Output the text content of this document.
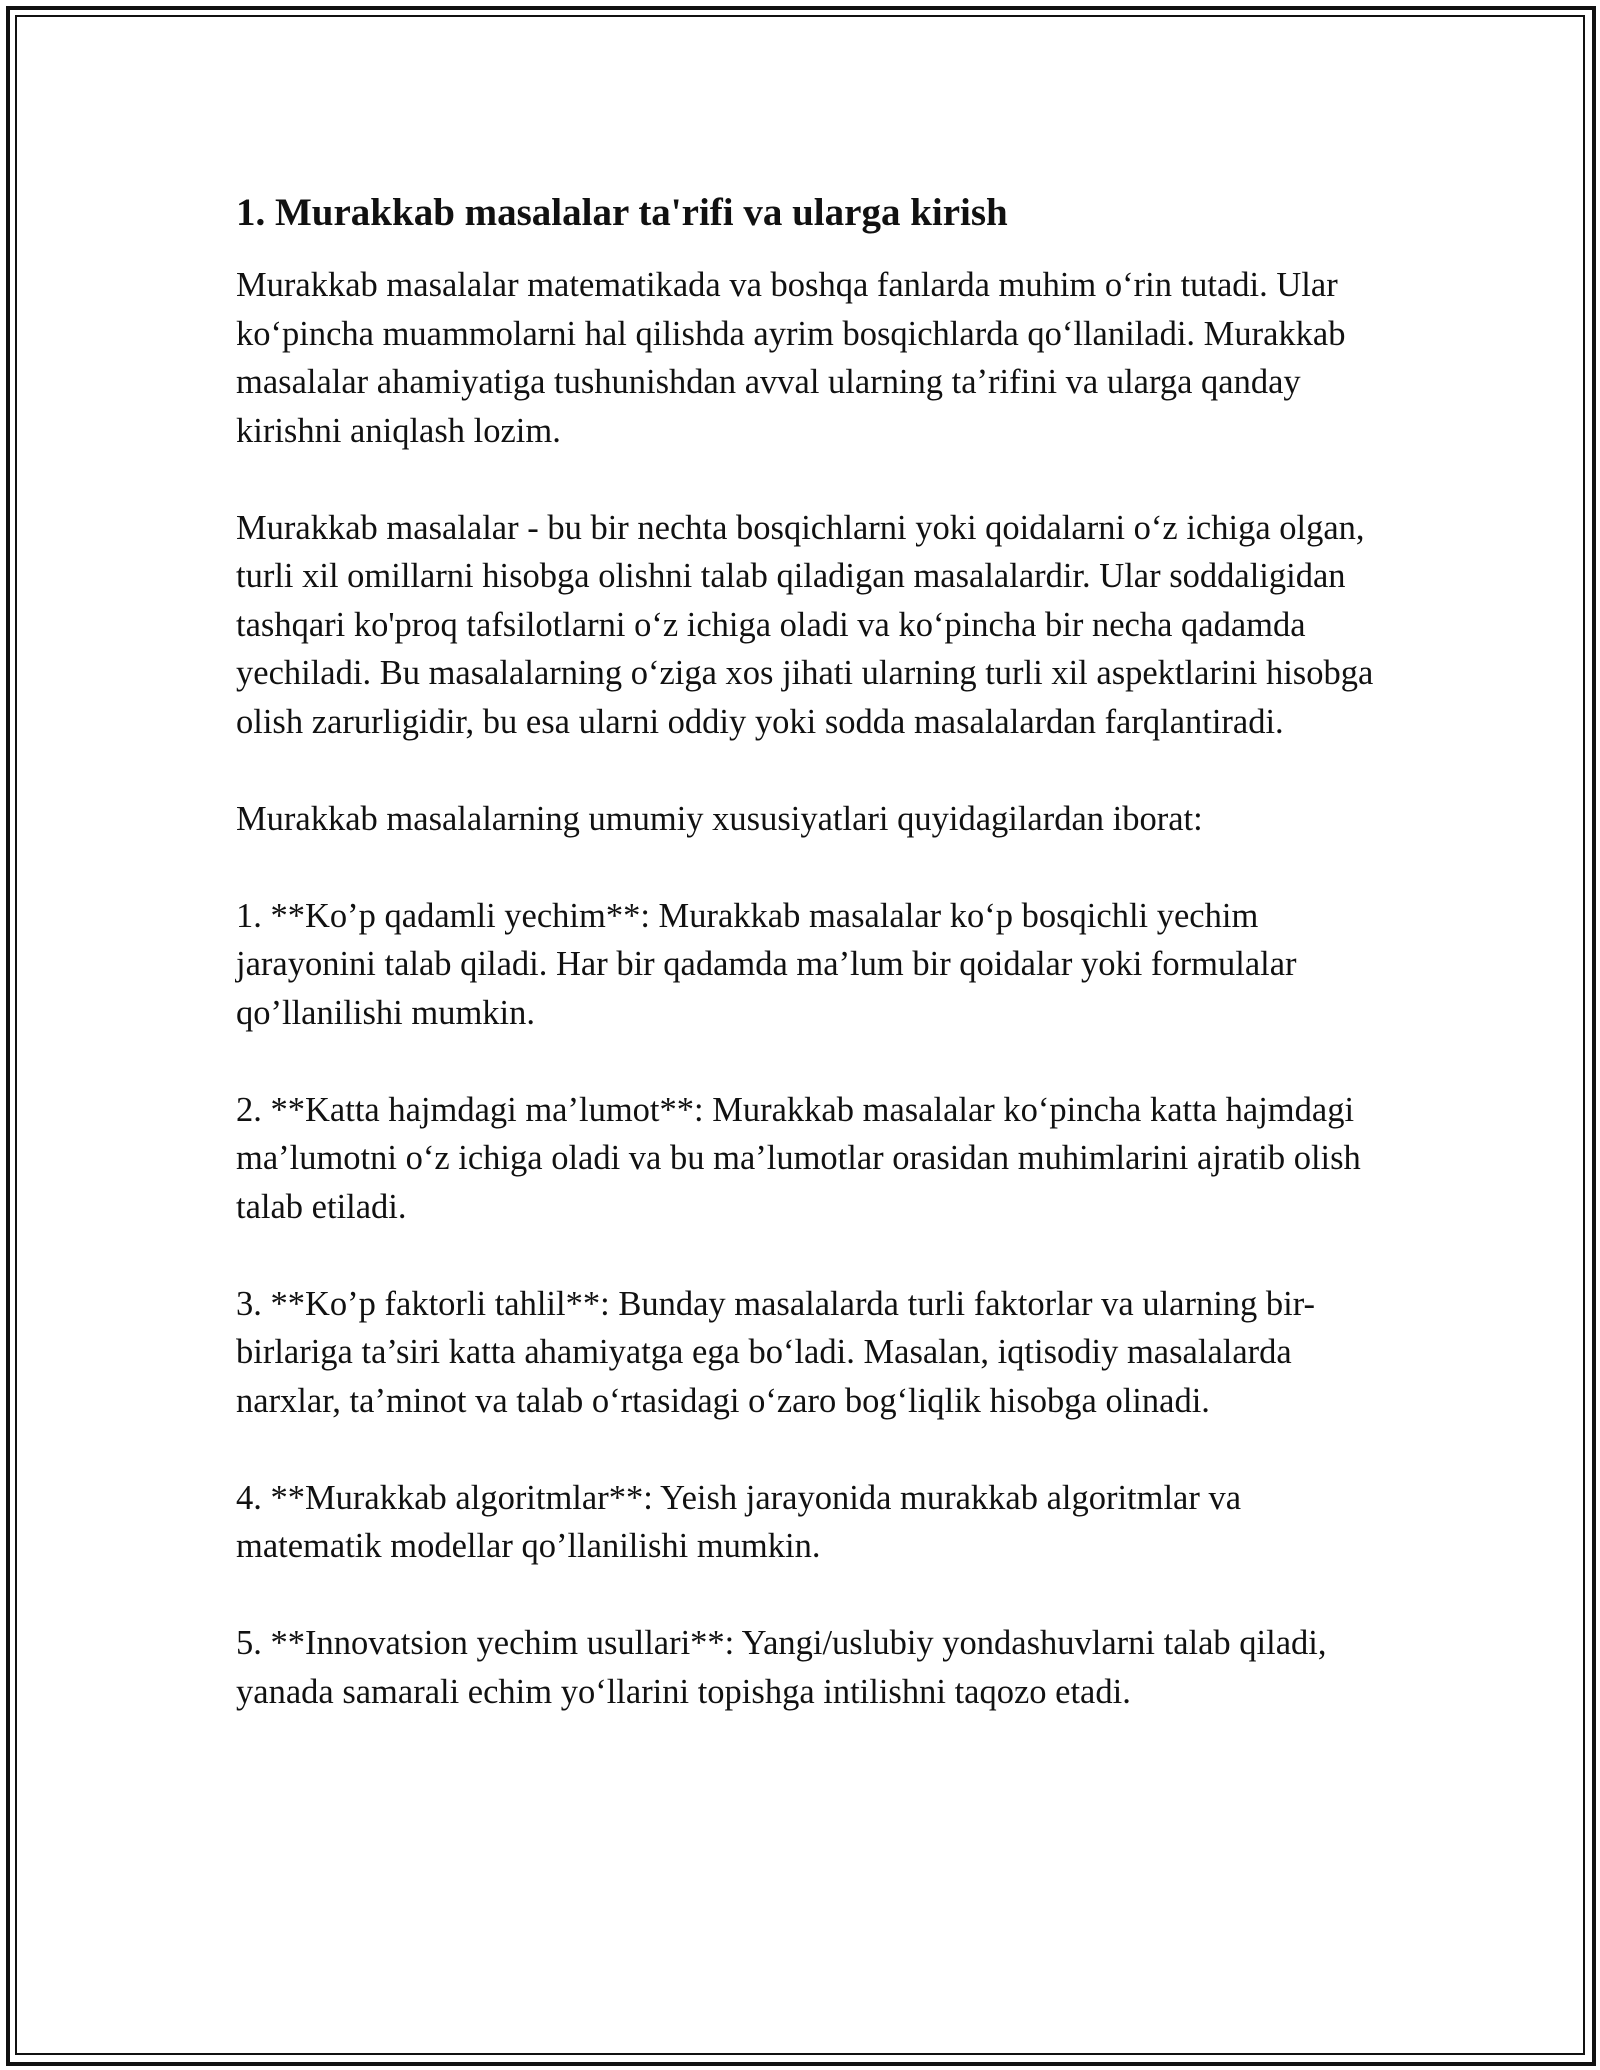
1. Murakkab masalalar ta'rifi va ularga kirish

Murakkab masalalar matematikada va boshqa fanlarda muhim oʻrin tutadi. Ular koʻpincha muammolarni hal qilishda ayrim bosqichlarda qoʻllaniladi. Murakkab masalalar ahamiyatiga tushunishdan avval ularning taʼrifini va ularga qanday kirishni aniqlash lozim.

Murakkab masalalar - bu bir nechta bosqichlarni yoki qoidalarni oʻz ichiga olgan, turli xil omillarni hisobga olishni talab qiladigan masalalardir. Ular soddaligidan tashqari ko'proq tafsilotlarni oʻz ichiga oladi va koʻpincha bir necha qadamda yechiladi. Bu masalalarning oʻziga xos jihati ularning turli xil aspektlarini hisobga olish zarurligidir, bu esa ularni oddiy yoki sodda masalalardan farqlantiradi.

Murakkab masalalarning umumiy xususiyatlari quyidagilardan iborat:

1. **Ko’p qadamli yechim**: Murakkab masalalar koʻp bosqichli yechim jarayonini talab qiladi. Har bir qadamda ma’lum bir qoidalar yoki formulalar qo’llanilishi mumkin.

2. **Katta hajmdagi ma’lumot**: Murakkab masalalar koʻpincha katta hajmdagi ma’lumotni oʻz ichiga oladi va bu ma’lumotlar orasidan muhimlarini ajratib olish talab etiladi.

3. **Ko’p faktorli tahlil**: Bunday masalalarda turli faktorlar va ularning bir-birlariga ta’siri katta ahamiyatga ega boʻladi. Masalan, iqtisodiy masalalarda narxlar, ta’minot va talab oʻrtasidagi oʻzaro bogʻliqlik hisobga olinadi.

4. **Murakkab algoritmlar**: Yeish jarayonida murakkab algoritmlar va matematik modellar qo’llanilishi mumkin.

5. **Innovatsion yechim usullari**: Yangi/uslubiy yondashuvlarni talab qiladi, yanada samarali echim yoʻllarini topishga intilishni taqozo etadi.
